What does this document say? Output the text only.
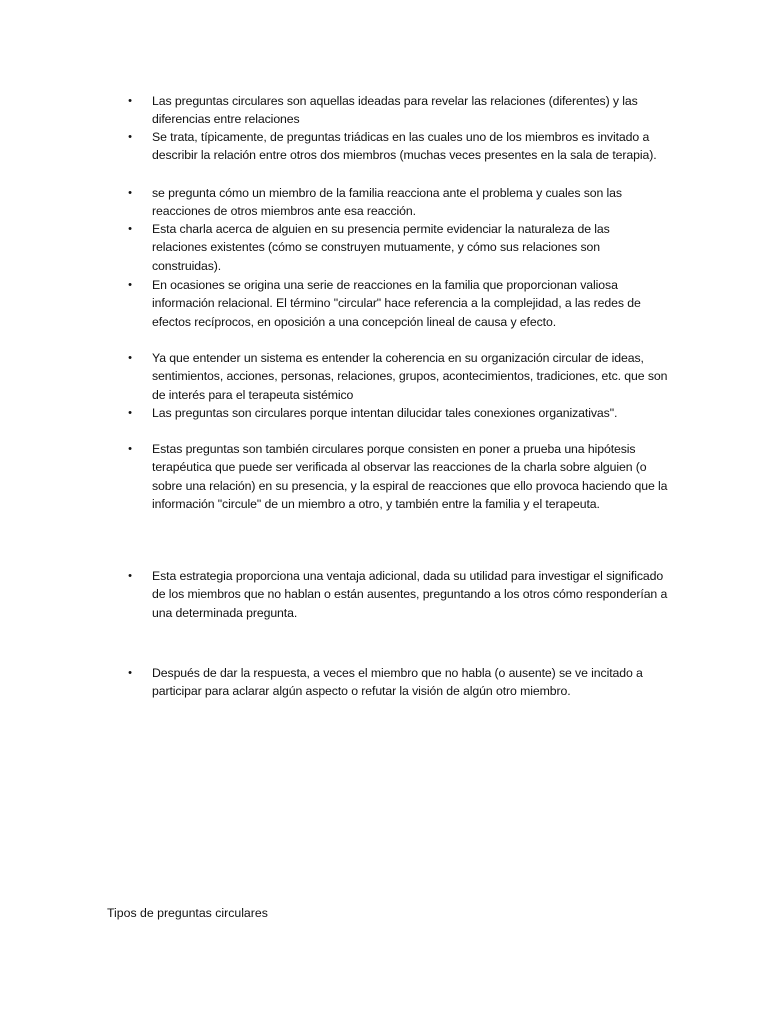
•	Las preguntas circulares son aquellas ideadas para revelar las relaciones (diferentes) y las diferencias entre relaciones
•	Se trata, típicamente, de preguntas triádicas en las cuales uno de los miembros es invitado a describir la relación entre otros dos miembros (muchas veces presentes en la sala de terapia).
•	se pregunta cómo un miembro de la familia reacciona ante el problema y cuales son las reacciones de otros miembros ante esa reacción.
•	Esta charla acerca de alguien en su presencia permite evidenciar la naturaleza de las relaciones existentes (cómo se construyen mutuamente, y cómo sus relaciones son construidas).
•	En ocasiones se origina una serie de reacciones en la familia que proporcionan valiosa información relacional. El término "circular" hace referencia a la complejidad, a las redes de efectos recíprocos, en oposición a una concepción lineal de causa y efecto.
•	Ya que entender un sistema es entender la coherencia en su organización circular de ideas, sentimientos, acciones, personas, relaciones, grupos, acontecimientos, tradiciones, etc. que son de interés para el terapeuta sistémico
•	Las preguntas son circulares porque intentan dilucidar tales conexiones organizativas".
•	Estas preguntas son también circulares porque consisten en poner a prueba una hipótesis terapéutica que puede ser verificada al observar las reacciones de la charla sobre alguien (o sobre una relación) en su presencia, y la espiral de reacciones que ello provoca haciendo que la información "circule" de un miembro a otro, y también entre la familia y el terapeuta.
•	Esta estrategia proporciona una ventaja adicional, dada su utilidad para investigar el significado de los miembros que no hablan o están ausentes, preguntando a los otros cómo responderían a una determinada pregunta.
•	Después de dar la respuesta, a veces el miembro que no habla (o ausente) se ve incitado a participar para aclarar algún aspecto o refutar la visión de algún otro miembro.
Tipos de preguntas circulares
